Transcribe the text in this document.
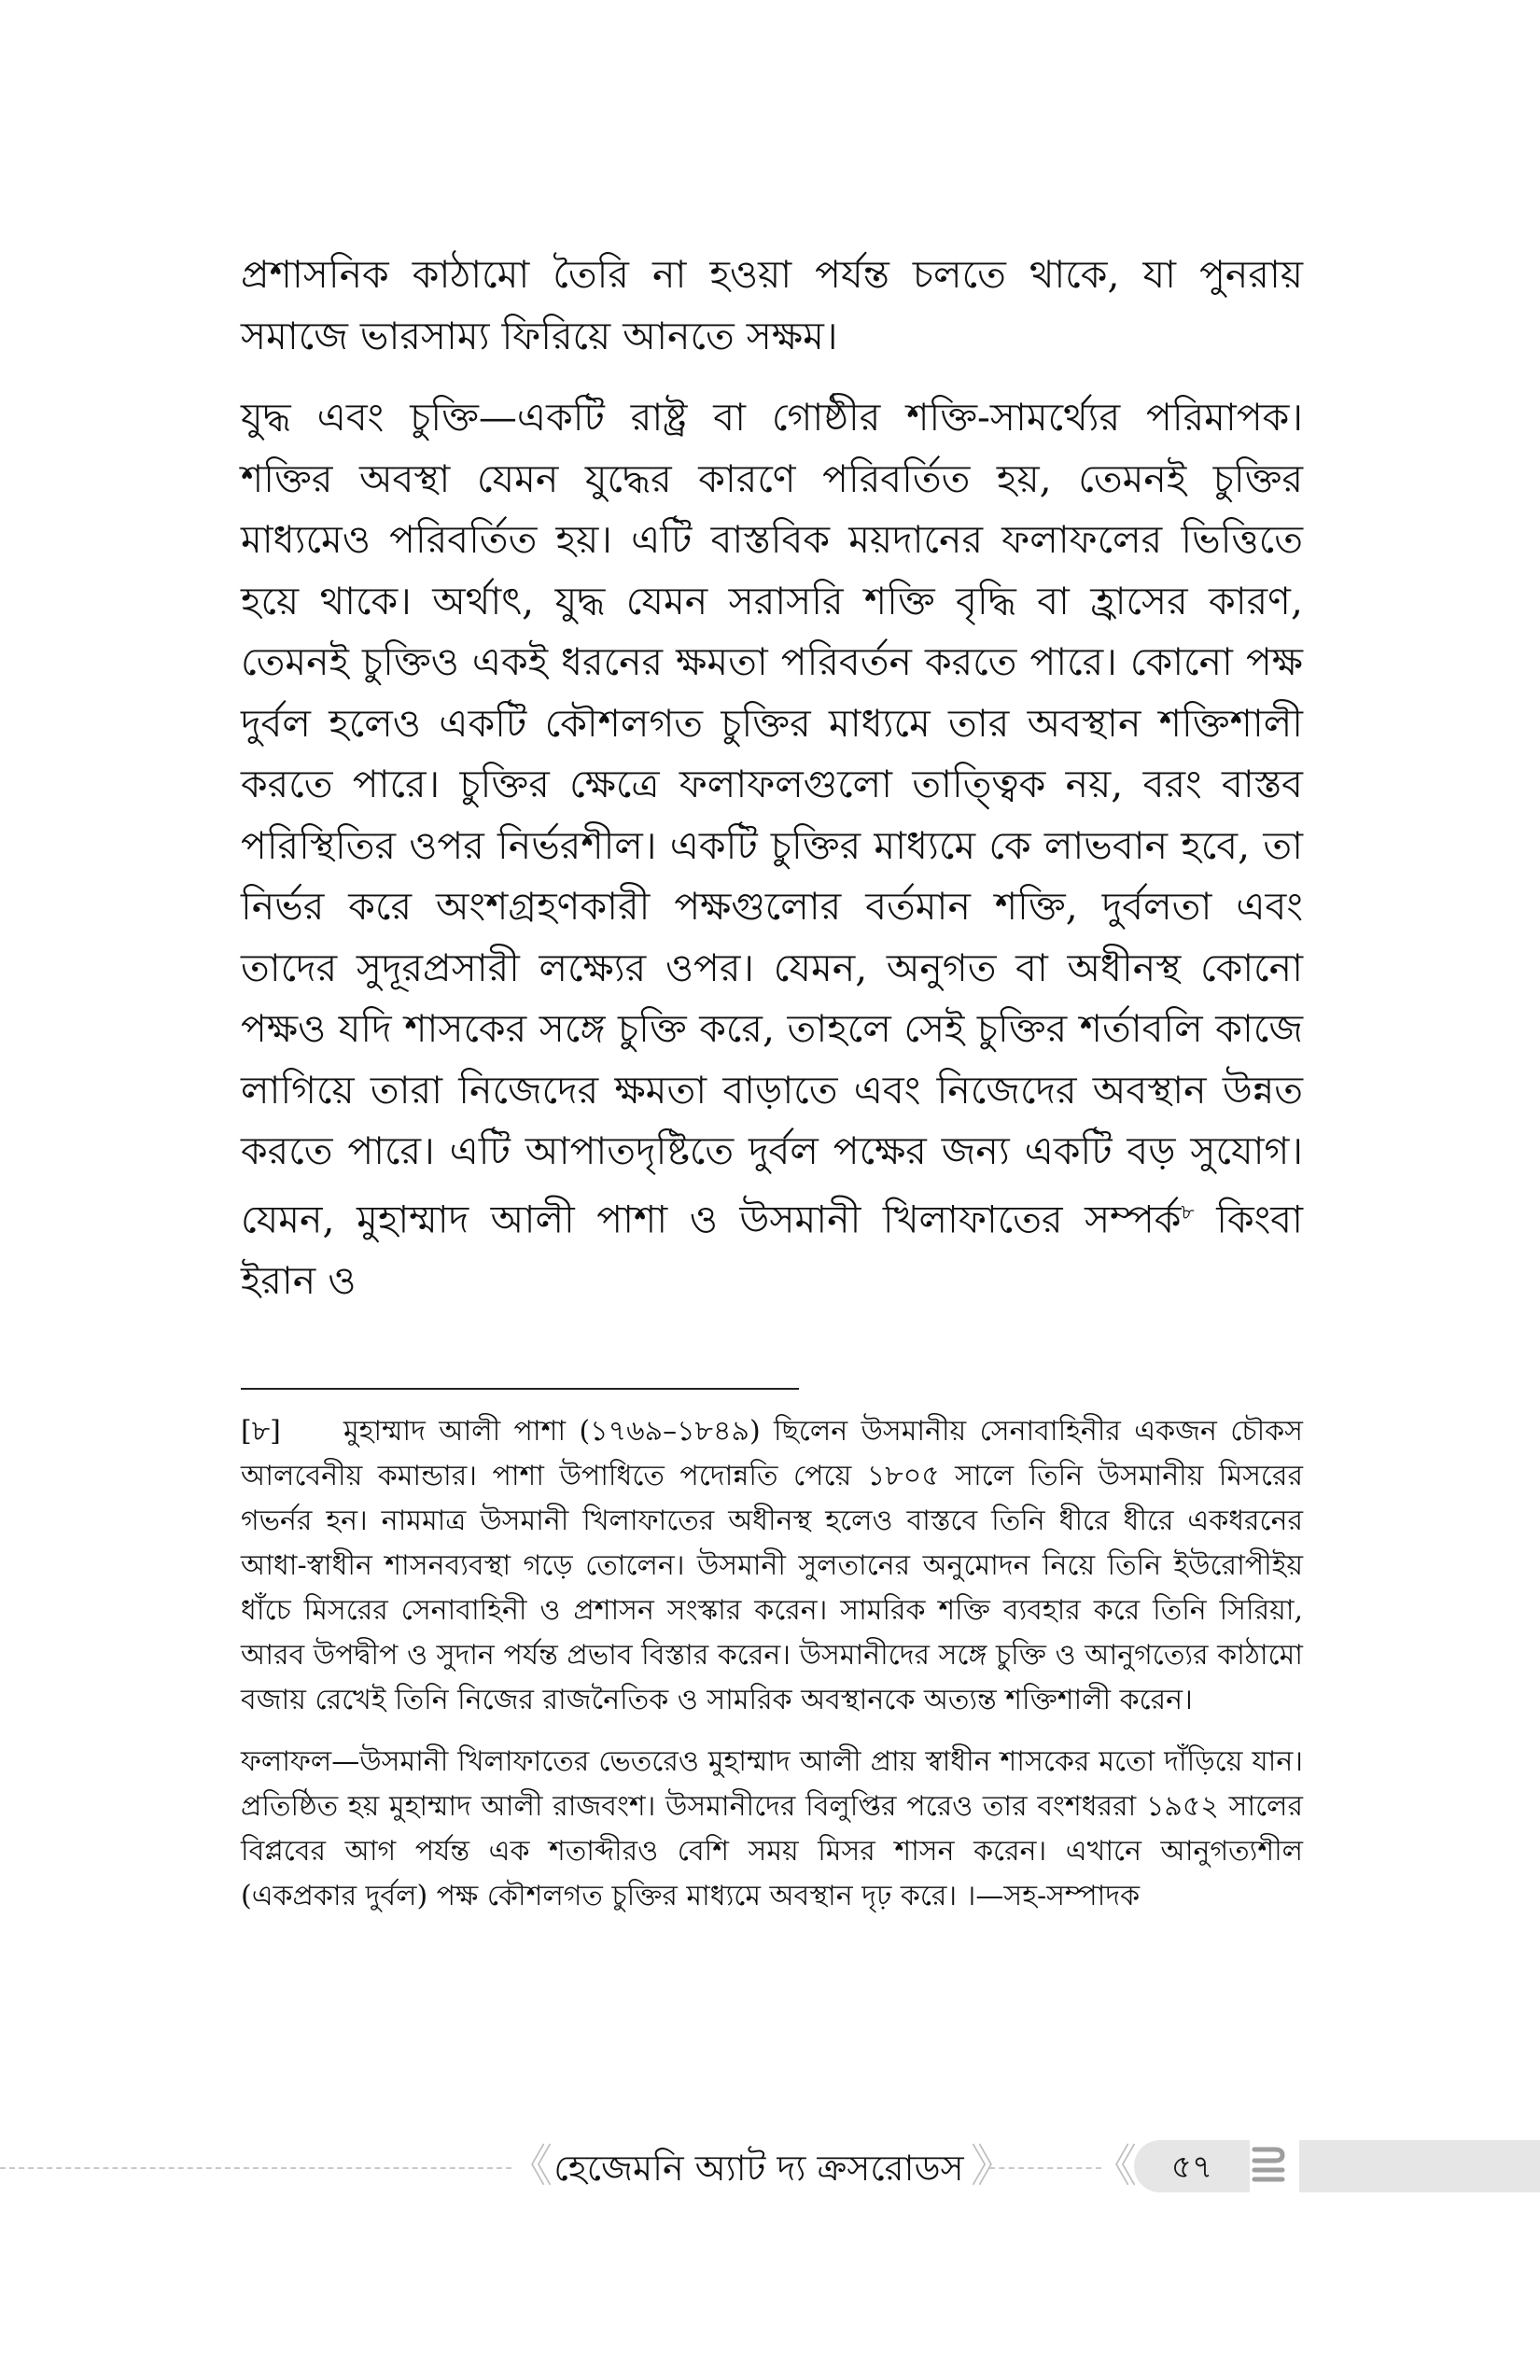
প্রশাসনিক কাঠামো তৈরি না হওয়া পর্যন্ত চলতে থাকে, যা পুনরায় সমাজে ভারসাম্য ফিরিয়ে আনতে সক্ষম।

যুদ্ধ এবং চুক্তি—একটি রাষ্ট্র বা গোষ্ঠীর শক্তি-সামর্থ্যের পরিমাপক। শক্তির অবস্থা যেমন যুদ্ধের কারণে পরিবর্তিত হয়, তেমনই চুক্তির মাধ্যমেও পরিবর্তিত হয়। এটি বাস্তবিক ময়দানের ফলাফলের ভিত্তিতে হয়ে থাকে। অর্থাৎ, যুদ্ধ যেমন সরাসরি শক্তি বৃদ্ধি বা হ্রাসের কারণ, তেমনই চুক্তিও একই ধরনের ক্ষমতা পরিবর্তন করতে পারে। কোনো পক্ষ দুর্বল হলেও একটি কৌশলগত চুক্তির মাধ্যমে তার অবস্থান শক্তিশালী করতে পারে। চুক্তির ক্ষেত্রে ফলাফলগুলো তাত্ত্বিক নয়, বরং বাস্তব পরিস্থিতির ওপর নির্ভরশীল। একটি চুক্তির মাধ্যমে কে লাভবান হবে, তা নির্ভর করে অংশগ্রহণকারী পক্ষগুলোর বর্তমান শক্তি, দুর্বলতা এবং তাদের সুদূরপ্রসারী লক্ষ্যের ওপর। যেমন, অনুগত বা অধীনস্থ কোনো পক্ষও যদি শাসকের সঙ্গে চুক্তি করে, তাহলে সেই চুক্তির শর্তাবলি কাজে লাগিয়ে তারা নিজেদের ক্ষমতা বাড়াতে এবং নিজেদের অবস্থান উন্নত করতে পারে। এটি আপাতদৃষ্টিতে দুর্বল পক্ষের জন্য একটি বড় সুযোগ। যেমন, মুহাম্মাদ আলী পাশা ও উসমানী খিলাফাতের সম্পর্ক$^৮$ কিংবা ইরান ও

[৮] মুহাম্মাদ আলী পাশা (১৭৬৯–১৮৪৯) ছিলেন উসমানীয় সেনাবাহিনীর একজন চৌকস আলবেনীয় কমান্ডার। পাশা উপাধিতে পদোন্নতি পেয়ে ১৮০৫ সালে তিনি উসমানীয় মিসরের গভর্নর হন। নামমাত্র উসমানী খিলাফাতের অধীনস্থ হলেও বাস্তবে তিনি ধীরে ধীরে একধরনের আধা-স্বাধীন শাসনব্যবস্থা গড়ে তোলেন। উসমানী সুলতানের অনুমোদন নিয়ে তিনি ইউরোপীইয় ধাঁচে মিসরের সেনাবাহিনী ও প্রশাসন সংস্কার করেন। সামরিক শক্তি ব্যবহার করে তিনি সিরিয়া, আরব উপদ্বীপ ও সুদান পর্যন্ত প্রভাব বিস্তার করেন। উসমানীদের সঙ্গে চুক্তি ও আনুগত্যের কাঠামো বজায় রেখেই তিনি নিজের রাজনৈতিক ও সামরিক অবস্থানকে অত্যন্ত শক্তিশালী করেন।

ফলাফল—উসমানী খিলাফাতের ভেতরেও মুহাম্মাদ আলী প্রায় স্বাধীন শাসকের মতো দাঁড়িয়ে যান। প্রতিষ্ঠিত হয় মুহাম্মাদ আলী রাজবংশ। উসমানীদের বিলুপ্তির পরেও তার বংশধররা ১৯৫২ সালের বিপ্লবের আগ পর্যন্ত এক শতাব্দীরও বেশি সময় মিসর শাসন করেন। এখানে আনুগত্যশীল (একপ্রকার দুর্বল) পক্ষ কৌশলগত চুক্তির মাধ্যমে অবস্থান দৃঢ় করে। ।—সহ-সম্পাদক

《 হেজেমনি অ্যাট দ্য ক্রসরোডস 》 《	৫৭
